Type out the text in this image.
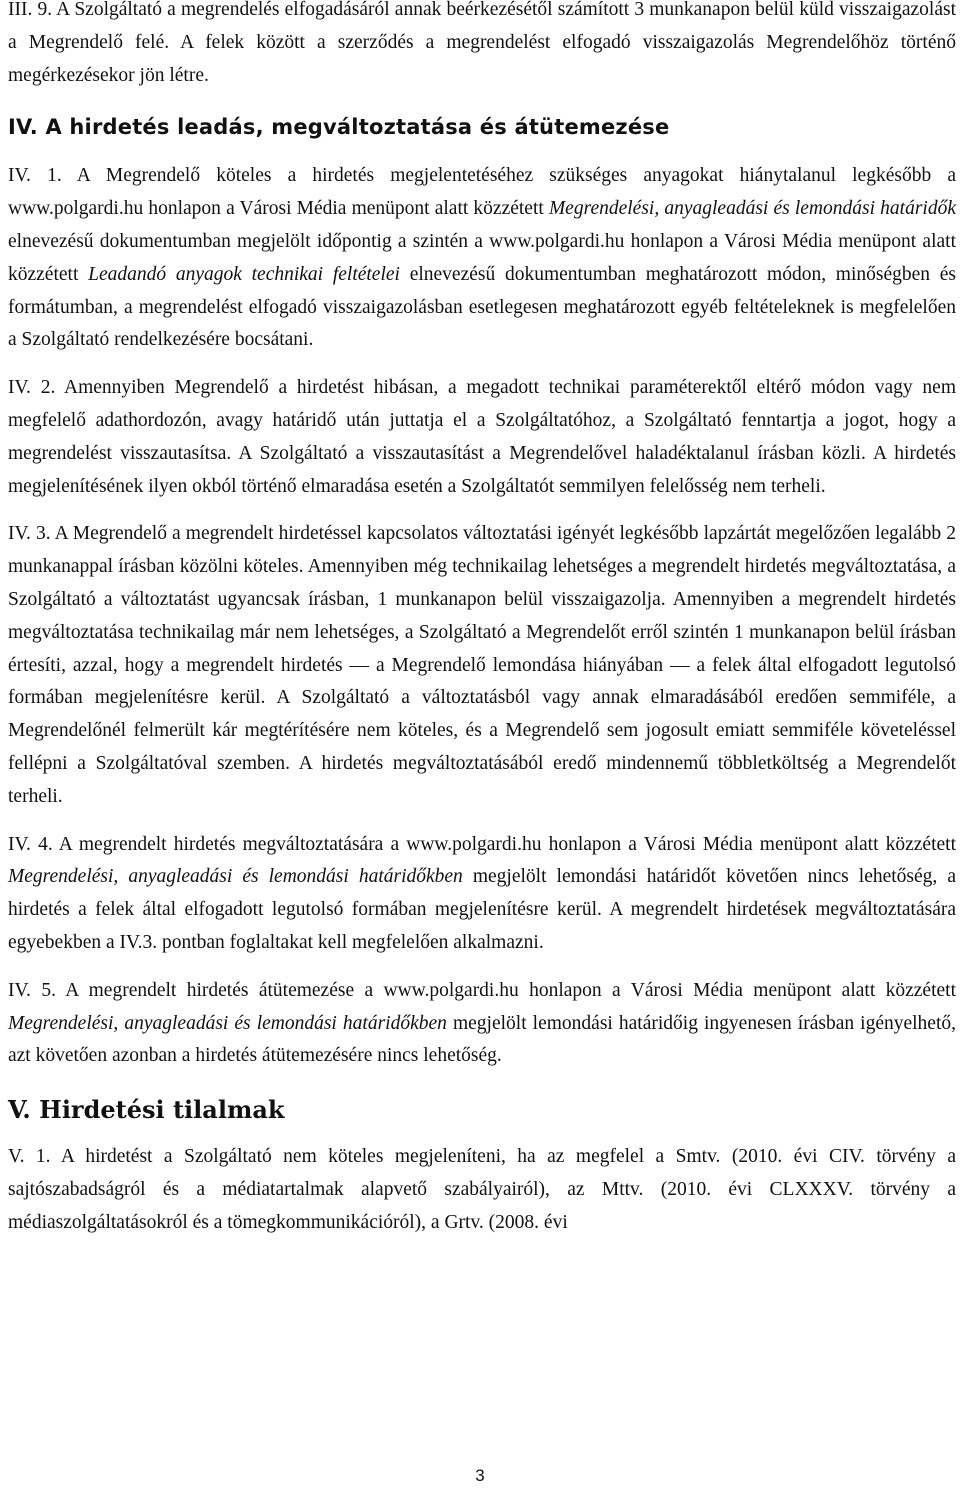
III. 9. A Szolgáltató a megrendelés elfogadásáról annak beérkezésétől számított 3 munkanapon belül küld visszaigazolást a Megrendelő felé. A felek között a szerződés a megrendelést elfogadó visszaigazolás Megrendelőhöz történő megérkezésekor jön létre.

IV. A hirdetés leadás, megváltoztatása és átütemezése

IV. 1. A Megrendelő köteles a hirdetés megjelentetéséhez szükséges anyagokat hiánytalanul legkésőbb a www.polgardi.hu honlapon a Városi Média menüpont alatt közzétett Megrendelési, anyagleadási és lemondási határidők elnevezésű dokumentumban megjelölt időpontig a szintén a www.polgardi.hu honlapon a Városi Média menüpont alatt közzétett Leadandó anyagok technikai feltételei elnevezésű dokumentumban meghatározott módon, minőségben és formátumban, a megrendelést elfogadó visszaigazolásban esetlegesen meghatározott egyéb feltételeknek is megfelelően a Szolgáltató rendelkezésére bocsátani.

IV. 2. Amennyiben Megrendelő a hirdetést hibásan, a megadott technikai paraméterektől eltérő módon vagy nem megfelelő adathordozón, avagy határidő után juttatja el a Szolgáltatóhoz, a Szolgáltató fenntartja a jogot, hogy a megrendelést visszautasítsa. A Szolgáltató a visszautasítást a Megrendelővel haladéktalanul írásban közli. A hirdetés megjelenítésének ilyen okból történő elmaradása esetén a Szolgáltatót semmilyen felelősség nem terheli.

IV. 3. A Megrendelő a megrendelt hirdetéssel kapcsolatos változtatási igényét legkésőbb lapzártát megelőzően legalább 2 munkanappal írásban közölni köteles. Amennyiben még technikailag lehetséges a megrendelt hirdetés megváltoztatása, a Szolgáltató a változtatást ugyancsak írásban, 1 munkanapon belül visszaigazolja. Amennyiben a megrendelt hirdetés megváltoztatása technikailag már nem lehetséges, a Szolgáltató a Megrendelőt erről szintén 1 munkanapon belül írásban értesíti, azzal, hogy a megrendelt hirdetés — a Megrendelő lemondása hiányában — a felek által elfogadott legutolsó formában megjelenítésre kerül. A Szolgáltató a változtatásból vagy annak elmaradásából eredően semmiféle, a Megrendelőnél felmerült kár megtérítésére nem köteles, és a Megrendelő sem jogosult emiatt semmiféle követeléssel fellépni a Szolgáltatóval szemben. A hirdetés megváltoztatásából eredő mindennemű többletköltség a Megrendelőt terheli.

IV. 4. A megrendelt hirdetés megváltoztatására a www.polgardi.hu honlapon a Városi Média menüpont alatt közzétett Megrendelési, anyagleadási és lemondási határidőkben megjelölt lemondási határidőt követően nincs lehetőség, a hirdetés a felek által elfogadott legutolsó formában megjelenítésre kerül. A megrendelt hirdetések megváltoztatására egyebekben a IV.3. pontban foglaltakat kell megfelelően alkalmazni.

IV. 5. A megrendelt hirdetés átütemezése a www.polgardi.hu honlapon a Városi Média menüpont alatt közzétett Megrendelési, anyagleadási és lemondási határidőkben megjelölt lemondási határidőig ingyenesen írásban igényelhető, azt követően azonban a hirdetés átütemezésére nincs lehetőség.

V. Hirdetési tilalmak

V. 1. A hirdetést a Szolgáltató nem köteles megjeleníteni, ha az megfelel a Smtv. (2010. évi CIV. törvény a sajtószabadságról és a médiatartalmak alapvető szabályairól), az Mttv. (2010. évi CLXXXV. törvény a médiaszolgáltatásokról és a tömegkommunikációról), a Grtv. (2008. évi

3
